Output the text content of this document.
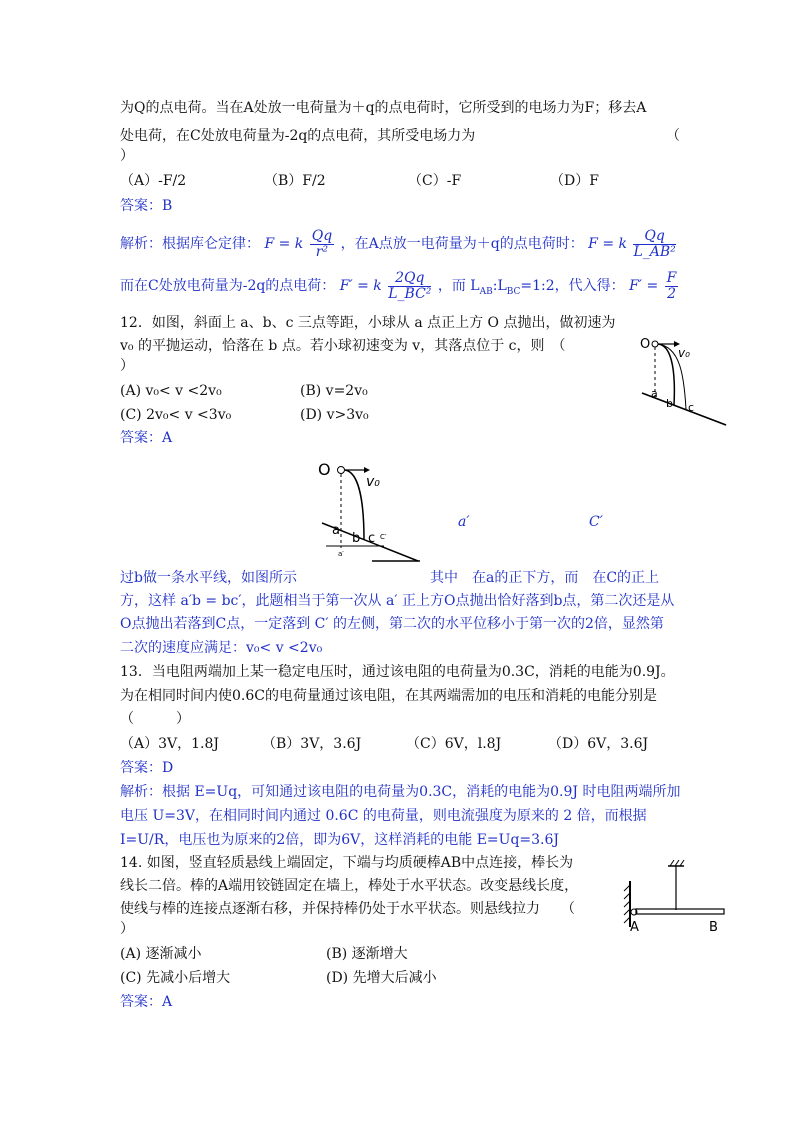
为Q的点电荷。当在A处放一电荷量为＋q的点电荷时，它所受到的电场力为F；移去A
处电荷，在C处放电荷量为-2q的点电荷，其所受电场力为	（
）
（A）-F/2	（B）F/2	（C）-F	（D）F
答案：B
解析：根据库仑定律： F = k $\frac{Qq}{\text{r²}}$ ，在A点放一电荷量为＋q的点电荷时： F = k $\frac{Qq}{\text{L\_AB²}}$
而在C处放电荷量为-2q的点电荷： F′ = k $\frac{2Qq}{\text{L\_BC²}}$ ，而 $L_{AB}:L_{BC}=1:2$，代入得： $F' = \frac{F}{2}$
12．如图，斜面上 a、b、c 三点等距，小球从 a 点正上方 O 点抛出，做初速为
v₀ 的平抛运动，恰落在 b 点。若小球初速变为 v，其落点位于 c，则　（
）
(A) v₀< v <2v₀	(B) v=2v₀
(C) 2v₀< v <3v₀	(D) v>3v₀
答案：A
O
v₀
a
b c
O
v₀
a
b c C′
a′
a′	C′
过b做一条水平线，如图所示	其中　在a的正下方，而　在C的正上
方，这样 a′b = bc′，此题相当于第一次从 a′ 正上方O点抛出恰好落到b点，第二次还是从
O点抛出若落到C点，一定落到 C′ 的左侧，第二次的水平位移小于第一次的2倍，显然第
二次的速度应满足：v₀< v <2v₀
13．当电阻两端加上某一稳定电压时，通过该电阻的电荷量为0.3C，消耗的电能为0.9J。
为在相同时间内使0.6C的电荷量通过该电阻，在其两端需加的电压和消耗的电能分别是
（　　　）
（A）3V，1.8J	（B）3V，3.6J	（C）6V，l.8J	（D）6V，3.6J
答案：D
解析：根据 E=Uq，可知通过该电阻的电荷量为0.3C，消耗的电能为0.9J 时电阻两端所加
电压 U=3V，在相同时间内通过 0.6C 的电荷量，则电流强度为原来的 2 倍，而根据
I=U/R，电压也为原来的2倍，即为6V，这样消耗的电能 E=Uq=3.6J
14. 如图，竖直轻质悬线上端固定，下端与均质硬棒AB中点连接，棒长为
线长二倍。棒的A端用铰链固定在墙上，棒处于水平状态。改变悬线长度，
使线与棒的连接点逐渐右移，并保持棒仍处于水平状态。则悬线拉力　　（
）
(A) 逐渐减小	(B) 逐渐增大
(C) 先减小后增大	(D) 先增大后减小
答案：A
A	B
